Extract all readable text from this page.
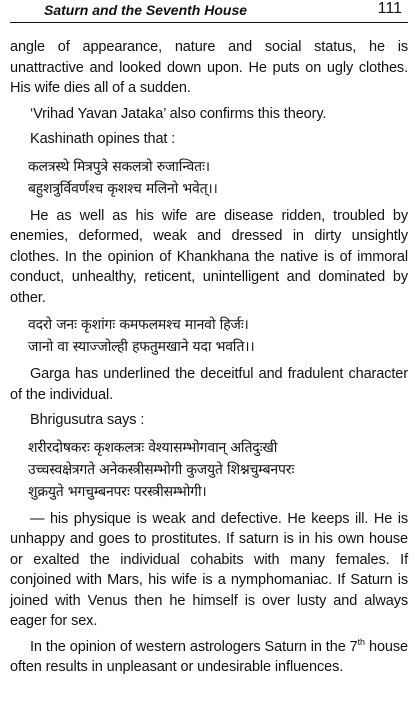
Saturn and the Seventh House	111

angle of appearance, nature and social status, he is unattractive and looked down upon. He puts on ugly clothes. His wife dies all of a sudden.

‘Vrihad Yavan Jataka’ also confirms this theory.

Kashinath opines that :

कलत्रस्थे मित्रपुत्रे सकलत्रो रुजान्वितः।

बहुशत्रुर्विवर्णश्च कृशश्च मलिनो भवेत्।।

He as well as his wife are disease ridden, troubled by enemies, deformed, weak and dressed in dirty unsightly clothes. In the opinion of Khankhana the native is of immoral conduct, unhealthy, reticent, unintelligent and dominated by other.

वदरो जनः कृशांगः कमफलमश्च मानवो हिर्जः।

जानो वा स्याज्जोल्ही हफतुमखाने यदा भवति।।

Garga has underlined the deceitful and fradulent character of the individual.

Bhrigusutra says :

शरीरदोषकरः कृशकलत्रः वेश्यासम्भोगवान् अतिदुःखी

उच्चस्वक्षेत्रगते अनेकस्त्रीसम्भोगी कुजयुते शिश्नचुम्बनपरः

शुक्रयुते भगचुम्बनपरः परस्त्रीसम्भोगी।

— his physique is weak and defective. He keeps ill. He is unhappy and goes to prostitutes. If saturn is in his own house or exalted the individual cohabits with many females. If conjoined with Mars, his wife is a nymphomaniac. If Saturn is joined with Venus then he himself is over lusty and always eager for sex.

In the opinion of western astrologers Saturn in the 7th house often results in unpleasant or undesirable influences.
